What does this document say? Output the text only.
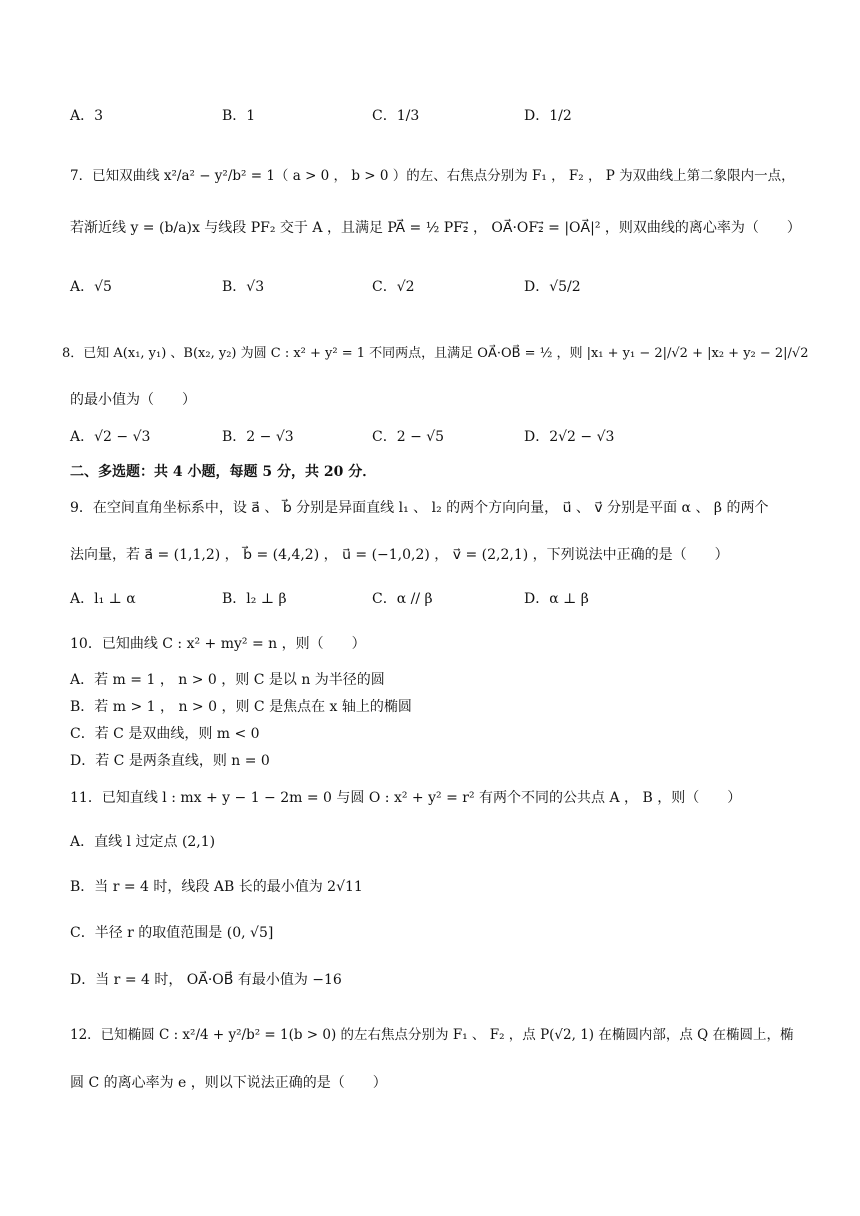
A．3	B．1	C．1/3	D．1/2
7．已知双曲线 x²/a² − y²/b² = 1（ a > 0 ， b > 0 ）的左、右焦点分别为 F₁ ， F₂ ， P 为双曲线上第二象限内一点，
若渐近线 y = (b/a)x 与线段 PF₂ 交于 A ，且满足 PA⃗ = ½ PF₂⃗ ， OA⃗·OF₂⃗ = |OA⃗|² ，则双曲线的离心率为（　　）
A．√5	B．√3	C．√2	D．√5/2
8．已知 A(x₁, y₁) 、B(x₂, y₂) 为圆 C : x² + y² = 1 不同两点，且满足 OA⃗·OB⃗ = ½ ，则 |x₁ + y₁ − 2|/√2 + |x₂ + y₂ − 2|/√2
的最小值为（　　）
A．√2 − √3	B．2 − √3	C．2 − √5	D．2√2 − √3
二、多选题：共 4 小题，每题 5 分，共 20 分．
9．在空间直角坐标系中，设 a⃗ 、 b⃗ 分别是异面直线 l₁ 、 l₂ 的两个方向向量， u⃗ 、 v⃗ 分别是平面 α 、 β 的两个
法向量，若 a⃗ = (1,1,2) ， b⃗ = (4,4,2) ， u⃗ = (−1,0,2) ， v⃗ = (2,2,1) ，下列说法中正确的是（　　）
A．l₁ ⊥ α	B．l₂ ⊥ β	C．α // β	D．α ⊥ β
10．已知曲线 C : x² + my² = n ，则（　　）
A．若 m = 1 ， n > 0 ，则 C 是以 n 为半径的圆
B．若 m > 1 ， n > 0 ，则 C 是焦点在 x 轴上的椭圆
C．若 C 是双曲线，则 m < 0
D．若 C 是两条直线，则 n = 0
11．已知直线 l : mx + y − 1 − 2m = 0 与圆 O : x² + y² = r² 有两个不同的公共点 A ， B ，则（　　）
A．直线 l 过定点 (2,1)
B．当 r = 4 时，线段 AB 长的最小值为 2√11
C．半径 r 的取值范围是 (0, √5]
D．当 r = 4 时， OA⃗·OB⃗ 有最小值为 −16
12．已知椭圆 C : x²/4 + y²/b² = 1(b > 0) 的左右焦点分别为 F₁ 、 F₂ ，点 P(√2, 1) 在椭圆内部，点 Q 在椭圆上，椭
圆 C 的离心率为 e ，则以下说法正确的是（　　）
